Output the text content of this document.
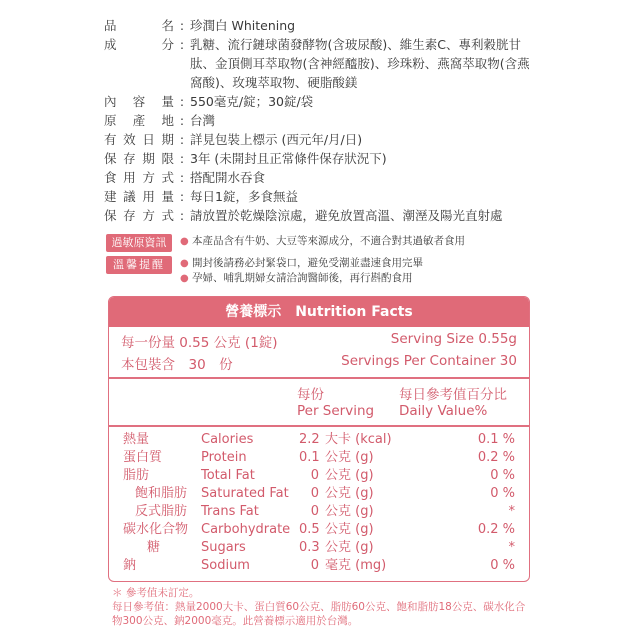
品名 : 珍潤白 Whitening
成分 : 乳糖、流行鏈球菌發酵物(含玻尿酸)、維生素C、專利穀胱甘肽、金頂側耳萃取物(含神經醯胺)、珍珠粉、燕窩萃取物(含燕窩酸)、玫瑰萃取物、硬脂酸鎂
內容量 : 550毫克/錠；30錠/袋
原產地 : 台灣
有效日期 : 詳見包裝上標示 (西元年/月/日)
保存期限 : 3年 (未開封且正常條件保存狀況下)
食用方式 : 搭配開水吞食
建議用量 : 每日1錠，多食無益
保存方式 : 請放置於乾燥陰涼處，避免放置高溫、潮溼及陽光直射處
過敏原資訊	● 本產品含有牛奶、大豆等來源成分，不適合對其過敏者食用
溫馨提醒	● 開封後請務必封緊袋口，避免受潮並盡速食用完畢
● 孕婦、哺乳期婦女請洽詢醫師後，再行斟酌食用
營養標示　Nutrition Facts
每一份量 0.55 公克 (1錠)	Serving Size 0.55g
本包裝含　30　份	Servings Per Container 30
每份
Per Serving
每日參考值百分比
Daily Value%
熱量	Calories	2.2 大卡 (kcal)	0.1 %
蛋白質	Protein	0.1 公克 (g)	0.2 %
脂肪	Total Fat	0 公克 (g)	0 %
飽和脂肪 Saturated Fat	0 公克 (g)	0 %
反式脂肪 Trans Fat	0 公克 (g)	*
碳水化合物 Carbohydrate 0.5 公克 (g)	0.2 %
糖	Sugars	0.3 公克 (g)	*
鈉	Sodium	0 毫克 (mg)	0 %
＊ 參考值未訂定。
每日參考值：熱量2000大卡、蛋白質60公克、脂肪60公克、飽和脂肪18公克、碳水化合物300公克、鈉2000毫克。此營養標示適用於台灣。
